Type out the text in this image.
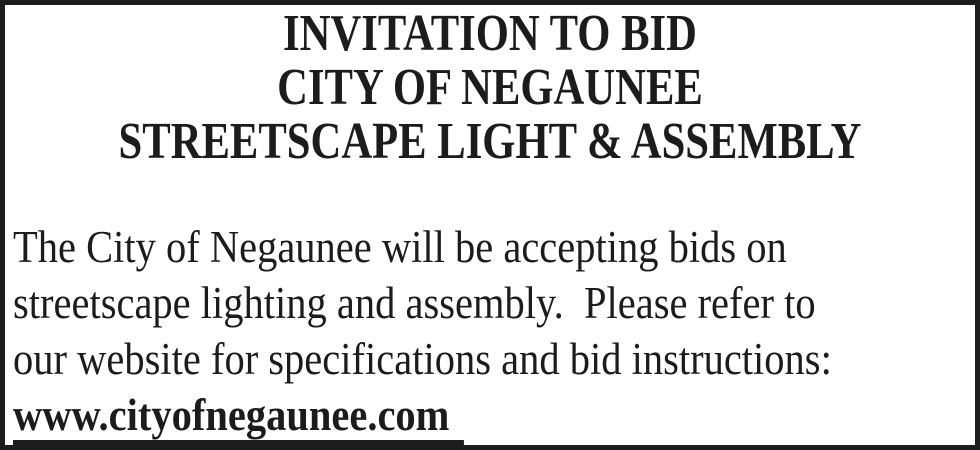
INVITATION TO BID
CITY OF NEGAUNEE
STREETSCAPE LIGHT & ASSEMBLY
The City of Negaunee will be accepting bids on
streetscape lighting and assembly.  Please refer to
our website for specifications and bid instructions:
www.cityofnegaunee.com
